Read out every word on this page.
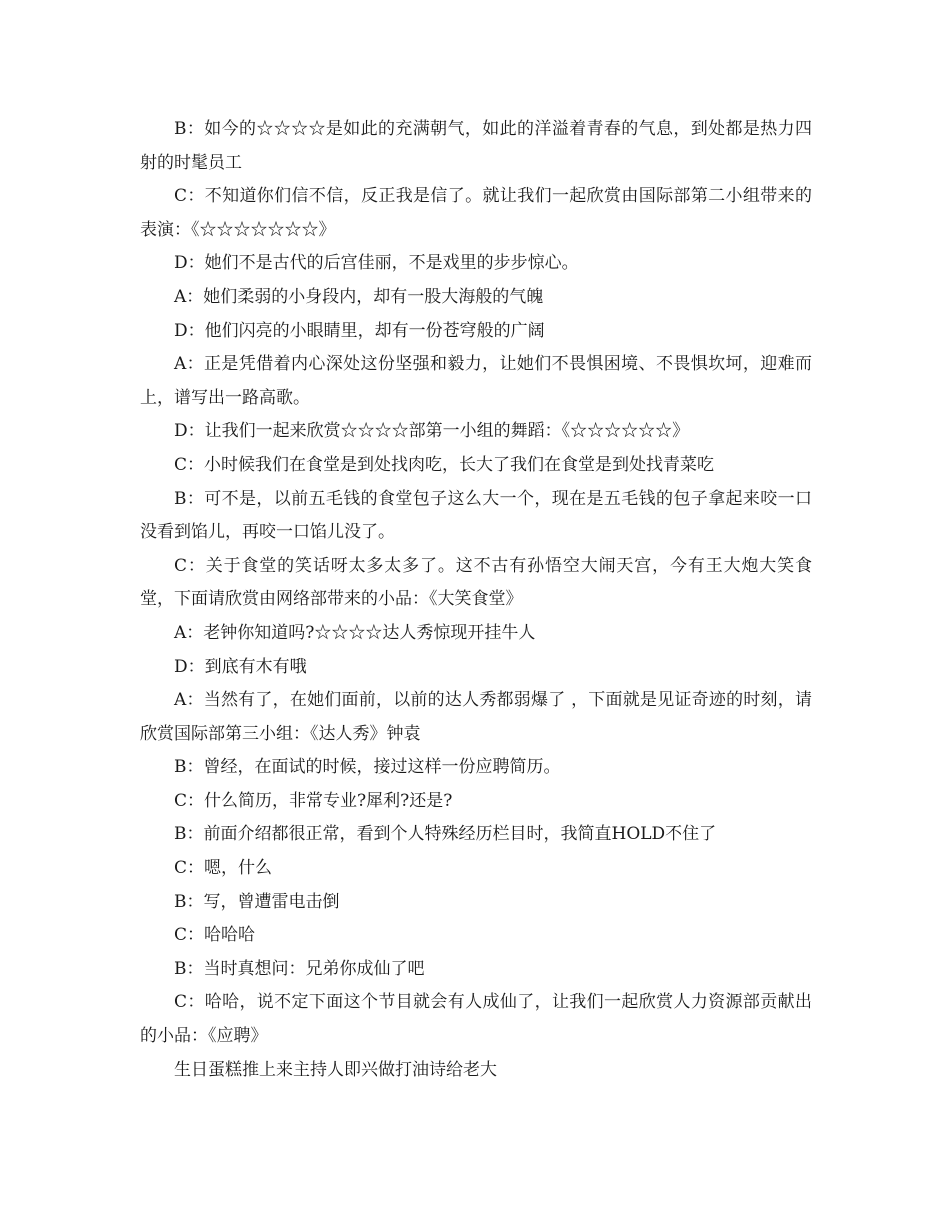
B：如今的☆☆☆☆是如此的充满朝气，如此的洋溢着青春的气息，到处都是热力四射的时髦员工

C：不知道你们信不信，反正我是信了。就让我们一起欣赏由国际部第二小组带来的表演：《☆☆☆☆☆☆☆》

D：她们不是古代的后宫佳丽，不是戏里的步步惊心。

A：她们柔弱的小身段内，却有一股大海般的气魄

D：他们闪亮的小眼睛里，却有一份苍穹般的广阔

A：正是凭借着内心深处这份坚强和毅力，让她们不畏惧困境、不畏惧坎坷，迎难而上，谱写出一路高歌。

D：让我们一起来欣赏☆☆☆☆部第一小组的舞蹈：《☆☆☆☆☆☆》

C：小时候我们在食堂是到处找肉吃，长大了我们在食堂是到处找青菜吃

B：可不是，以前五毛钱的食堂包子这么大一个，现在是五毛钱的包子拿起来咬一口没看到馅儿，再咬一口馅儿没了。

C：关于食堂的笑话呀太多太多了。这不古有孙悟空大闹天宫，今有王大炮大笑食堂，下面请欣赏由网络部带来的小品：《大笑食堂》

A：老钟你知道吗?☆☆☆☆达人秀惊现开挂牛人

D：到底有木有哦

A：当然有了，在她们面前，以前的达人秀都弱爆了 ，下面就是见证奇迹的时刻，请欣赏国际部第三小组：《达人秀》钟袁

B：曾经，在面试的时候，接过这样一份应聘简历。

C：什么简历，非常专业?犀利?还是?

B：前面介绍都很正常，看到个人特殊经历栏目时，我简直HOLD不住了

C：嗯，什么

B：写，曾遭雷电击倒

C：哈哈哈

B：当时真想问：兄弟你成仙了吧

C：哈哈，说不定下面这个节目就会有人成仙了，让我们一起欣赏人力资源部贡献出的小品：《应聘》

生日蛋糕推上来主持人即兴做打油诗给老大
